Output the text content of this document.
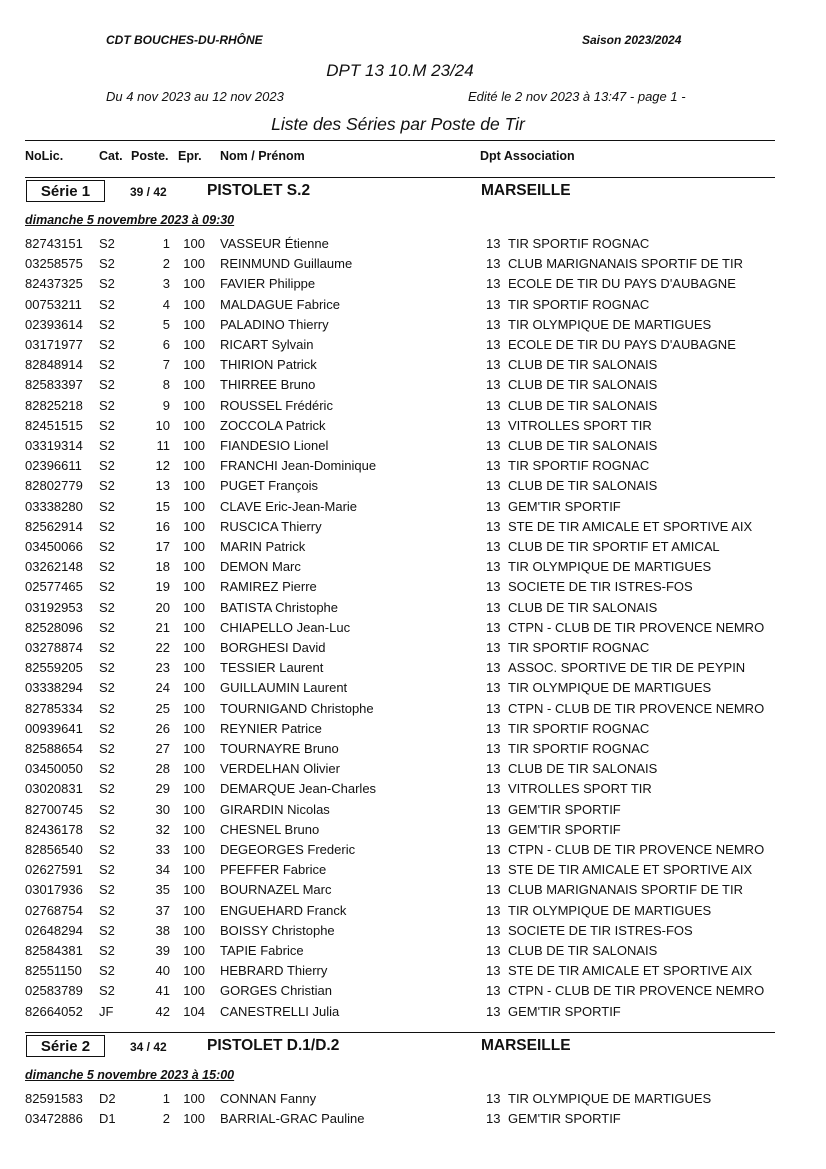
CDT BOUCHES-DU-RHÔNE	Saison 2023/2024
DPT 13 10.M 23/24
Du 4 nov 2023 au 12 nov 2023	Edité le 2 nov 2023 à 13:47 - page 1 -
Liste des Séries par Poste de Tir
NoLic.	Cat. Poste. Epr. Nom / Prénom	Dpt Association
Série 1	39 / 42	PISTOLET S.2	MARSEILLE
dimanche 5 novembre 2023 à 09:30
82743151 S2	1	100 VASSEUR Étienne	13 TIR SPORTIF ROGNAC
03258575 S2	2	100 REINMUND Guillaume	13 CLUB MARIGNANAIS SPORTIF DE TIR
82437325 S2	3	100 FAVIER Philippe	13 ECOLE DE TIR DU PAYS D'AUBAGNE
00753211 S2	4	100 MALDAGUE Fabrice	13 TIR SPORTIF ROGNAC
02393614 S2	5	100 PALADINO Thierry	13 TIR OLYMPIQUE DE MARTIGUES
03171977 S2	6	100 RICART Sylvain	13 ECOLE DE TIR DU PAYS D'AUBAGNE
82848914 S2	7	100 THIRION Patrick	13 CLUB DE TIR SALONAIS
82583397 S2	8	100 THIRREE Bruno	13 CLUB DE TIR SALONAIS
82825218 S2	9	100 ROUSSEL Frédéric	13 CLUB DE TIR SALONAIS
82451515 S2	10	100 ZOCCOLA Patrick	13 VITROLLES SPORT TIR
03319314 S2	11	100 FIANDESIO Lionel	13 CLUB DE TIR SALONAIS
02396611 S2	12	100 FRANCHI Jean-Dominique	13 TIR SPORTIF ROGNAC
82802779 S2	13	100 PUGET François	13 CLUB DE TIR SALONAIS
03338280 S2	15	100 CLAVE Eric-Jean-Marie	13 GEM'TIR SPORTIF
82562914 S2	16	100 RUSCICA Thierry	13 STE DE TIR AMICALE ET SPORTIVE AIX
03450066 S2	17	100 MARIN Patrick	13 CLUB DE TIR SPORTIF ET AMICAL
03262148 S2	18	100 DEMON Marc	13 TIR OLYMPIQUE DE MARTIGUES
02577465 S2	19	100 RAMIREZ Pierre	13 SOCIETE DE TIR ISTRES-FOS
03192953 S2	20	100 BATISTA Christophe	13 CLUB DE TIR SALONAIS
82528096 S2	21	100 CHIAPELLO Jean-Luc	13 CTPN - CLUB DE TIR PROVENCE NEMRO
03278874 S2	22	100 BORGHESI David	13 TIR SPORTIF ROGNAC
82559205 S2	23	100 TESSIER Laurent	13 ASSOC. SPORTIVE DE TIR DE PEYPIN
03338294 S2	24	100 GUILLAUMIN Laurent	13 TIR OLYMPIQUE DE MARTIGUES
82785334 S2	25	100 TOURNIGAND Christophe	13 CTPN - CLUB DE TIR PROVENCE NEMRO
00939641 S2	26	100 REYNIER Patrice	13 TIR SPORTIF ROGNAC
82588654 S2	27	100 TOURNAYRE Bruno	13 TIR SPORTIF ROGNAC
03450050 S2	28	100 VERDELHAN Olivier	13 CLUB DE TIR SALONAIS
03020831 S2	29	100 DEMARQUE Jean-Charles	13 VITROLLES SPORT TIR
82700745 S2	30	100 GIRARDIN Nicolas	13 GEM'TIR SPORTIF
82436178 S2	32	100 CHESNEL Bruno	13 GEM'TIR SPORTIF
82856540 S2	33	100 DEGEORGES Frederic	13 CTPN - CLUB DE TIR PROVENCE NEMRO
02627591 S2	34	100 PFEFFER Fabrice	13 STE DE TIR AMICALE ET SPORTIVE AIX
03017936 S2	35	100 BOURNAZEL Marc	13 CLUB MARIGNANAIS SPORTIF DE TIR
02768754 S2	37	100 ENGUEHARD Franck	13 TIR OLYMPIQUE DE MARTIGUES
02648294 S2	38	100 BOISSY Christophe	13 SOCIETE DE TIR ISTRES-FOS
82584381 S2	39	100 TAPIE Fabrice	13 CLUB DE TIR SALONAIS
82551150 S2	40	100 HEBRARD Thierry	13 STE DE TIR AMICALE ET SPORTIVE AIX
02583789 S2	41	100 GORGES Christian	13 CTPN - CLUB DE TIR PROVENCE NEMRO
82664052 JF	42	104 CANESTRELLI Julia	13 GEM'TIR SPORTIF
Série 2	34 / 42	PISTOLET D.1/D.2	MARSEILLE
dimanche 5 novembre 2023 à 15:00
82591583 D2	1	100 CONNAN Fanny	13 TIR OLYMPIQUE DE MARTIGUES
03472886 D1	2	100 BARRIAL-GRAC Pauline	13 GEM'TIR SPORTIF
